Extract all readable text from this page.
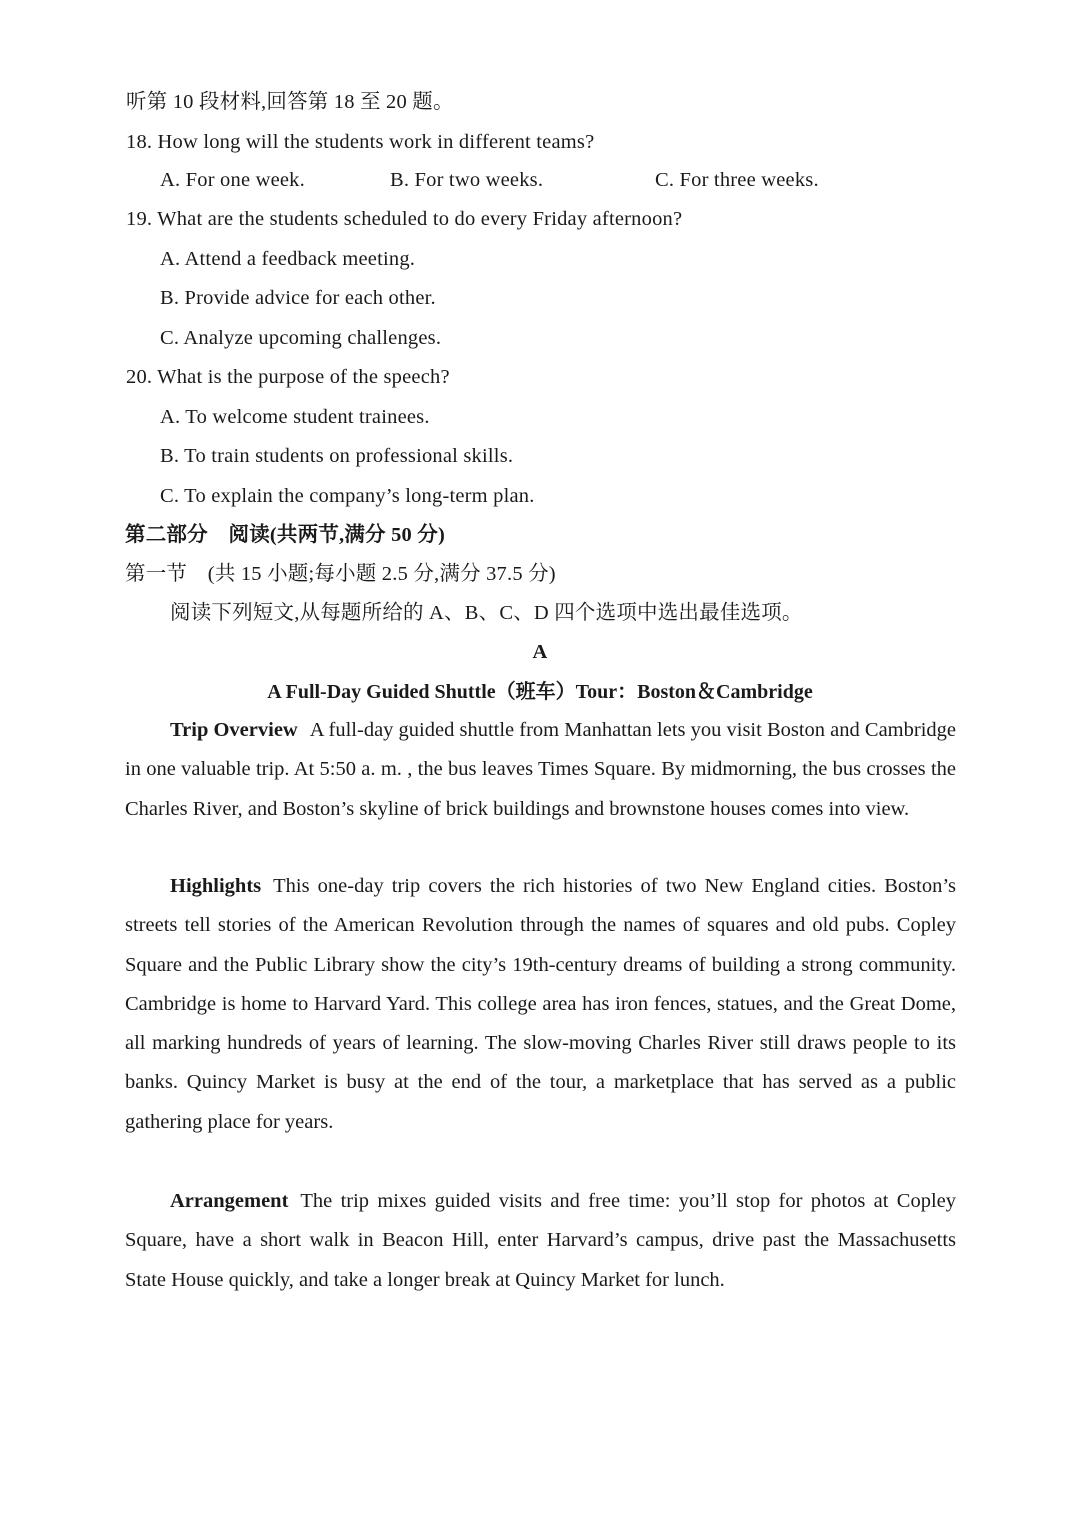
听第 10 段材料,回答第 18 至 20 题。
18. How long will the students work in different teams?
A. For one week.	B. For two weeks.	C. For three weeks.
19. What are the students scheduled to do every Friday afternoon?
A. Attend a feedback meeting.
B. Provide advice for each other.
C. Analyze upcoming challenges.
20. What is the purpose of the speech?
A. To welcome student trainees.
B. To train students on professional skills.
C. To explain the company’s long-term plan.
第二部分　阅读(共两节,满分 50 分)
第一节　(共 15 小题;每小题 2.5 分,满分 37.5 分)
阅读下列短文,从每题所给的 A、B、C、D 四个选项中选出最佳选项。
A
A Full-Day Guided Shuttle（班车）Tour：Boston＆Cambridge
Trip Overview A full-day guided shuttle from Manhattan lets you visit Boston and Cambridge in one valuable trip. At 5:50 a. m. , the bus leaves Times Square. By midmorning, the bus crosses the Charles River, and Boston’s skyline of brick buildings and brownstone houses comes into view.
Highlights This one-day trip covers the rich histories of two New England cities. Boston’s streets tell stories of the American Revolution through the names of squares and old pubs. Copley Square and the Public Library show the city’s 19th-century dreams of building a strong community. Cambridge is home to Harvard Yard. This college area has iron fences, statues, and the Great Dome, all marking hundreds of years of learning. The slow-moving Charles River still draws people to its banks. Quincy Market is busy at the end of the tour, a marketplace that has served as a public gathering place for years.
Arrangement The trip mixes guided visits and free time: you’ll stop for photos at Copley Square, have a short walk in Beacon Hill, enter Harvard’s campus, drive past the Massachusetts State House quickly, and take a longer break at Quincy Market for lunch.
